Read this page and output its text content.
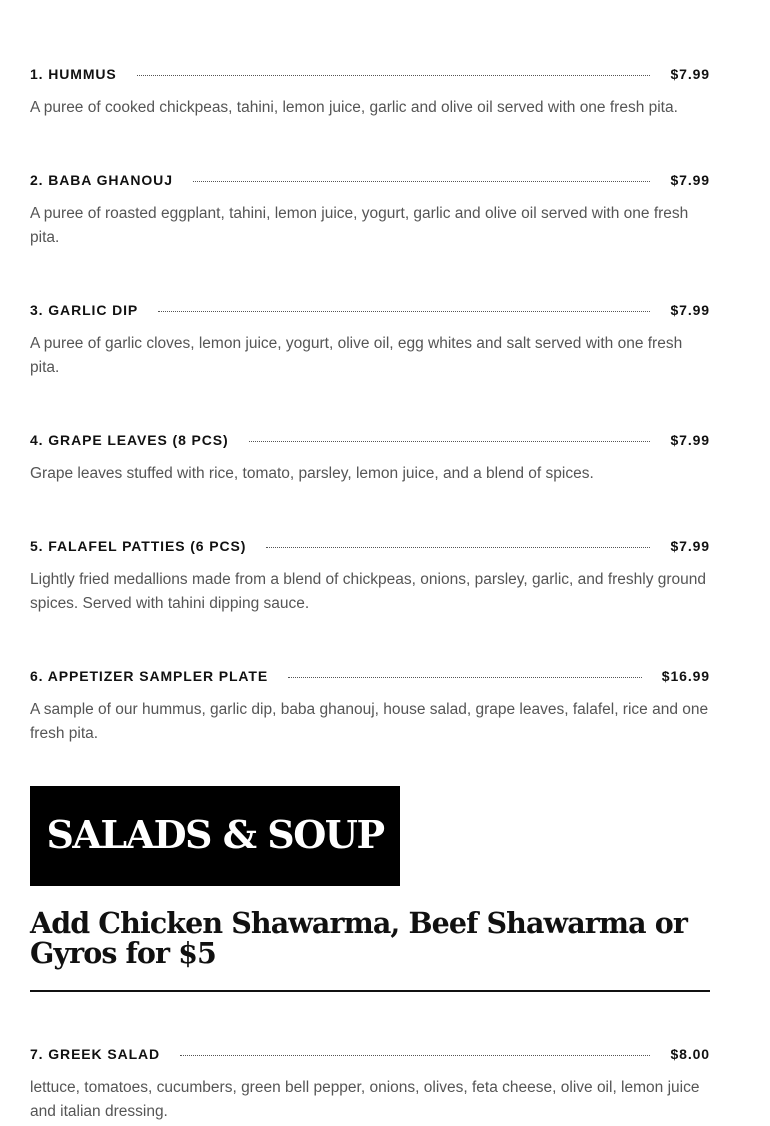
1. HUMMUS	$7.99
A puree of cooked chickpeas, tahini, lemon juice, garlic and olive oil served with one fresh pita.
2. BABA GHANOUJ	$7.99
A puree of roasted eggplant, tahini, lemon juice, yogurt, garlic and olive oil served with one fresh pita.
3. GARLIC DIP	$7.99
A puree of garlic cloves, lemon juice, yogurt, olive oil, egg whites and salt served with one fresh pita.
4. GRAPE LEAVES (8 PCS)	$7.99
Grape leaves stuffed with rice, tomato, parsley, lemon juice, and a blend of spices.
5. FALAFEL PATTIES (6 PCS)	$7.99
Lightly fried medallions made from a blend of chickpeas, onions, parsley, garlic, and freshly ground spices. Served with tahini dipping sauce.
6. APPETIZER SAMPLER PLATE	$16.99
A sample of our hummus, garlic dip, baba ghanouj, house salad, grape leaves, falafel, rice and one fresh pita.
SALADS & SOUP
Add Chicken Shawarma, Beef Shawarma or Gyros for $5
7. GREEK SALAD	$8.00
lettuce, tomatoes, cucumbers, green bell pepper, onions, olives, feta cheese, olive oil, lemon juice and italian dressing.
